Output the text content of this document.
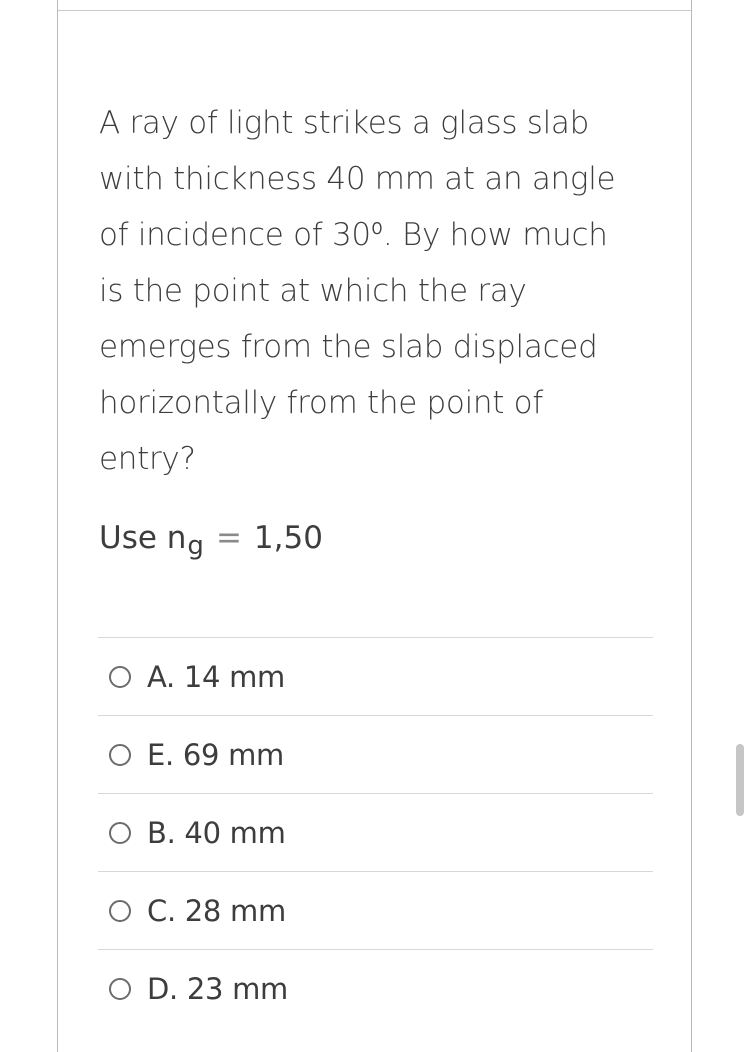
A ray of light strikes a glass slab

with thickness 40 mm at an angle

of incidence of 30⁰. By how much

is the point at which the ray

emerges from the slab displaced

horizontally from the point of

entry?

Use ng = 1,50
A. 14 mm
E. 69 mm
B. 40 mm
C. 28 mm
D. 23 mm
